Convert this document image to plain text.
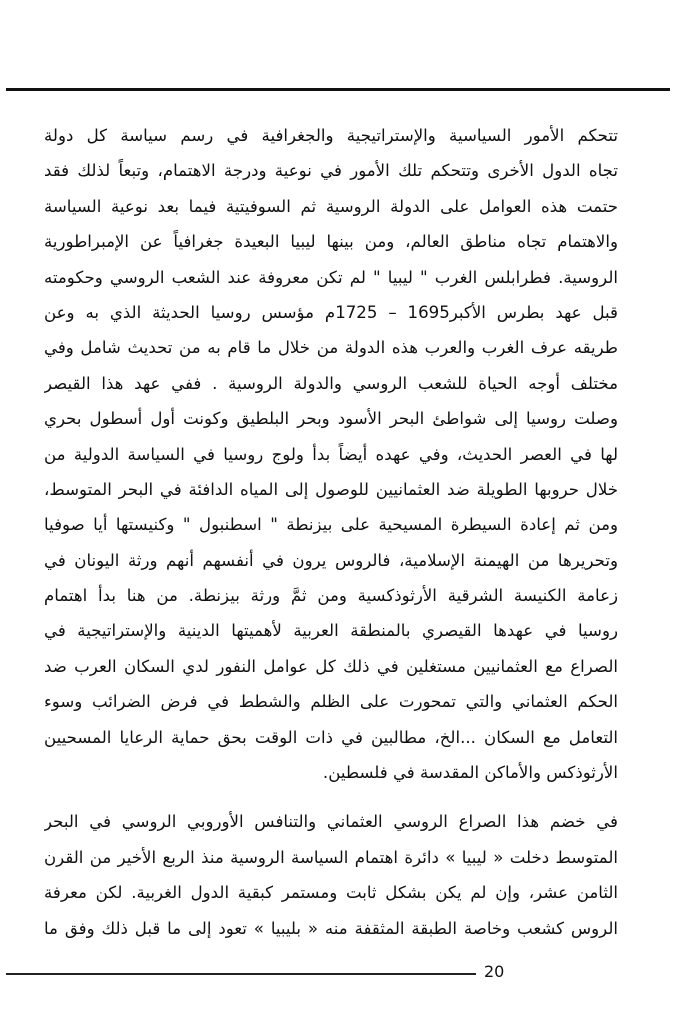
تتحكم الأمور السياسية والإستراتيجية والجغرافية في رسم سياسة كل دولة
تجاه الدول الأخرى وتتحكم تلك الأمور في نوعية ودرجة الاهتمام، وتبعاً لذلك فقد
حتمت هذه العوامل على الدولة الروسية ثم السوفيتية فيما بعد نوعية السياسة
والاهتمام تجاه مناطق العالم، ومن بينها ليبيا البعيدة جغرافياً عن الإمبراطورية
الروسية. فطرابلس الغرب " ليبيا " لم تكن معروفة عند الشعب الروسي وحكومته
قبل عهد بطرس الأكبر1695 – 1725م مؤسس روسيا الحديثة الذي به وعن
طريقه عرف الغرب والعرب هذه الدولة من خلال ما قام به من تحديث شامل وفي
مختلف أوجه الحياة للشعب الروسي والدولة الروسية . ففي عهد هذا القيصر
وصلت روسيا إلى شواطئ البحر الأسود وبحر البلطيق وكونت أول أسطول بحري
لها في العصر الحديث، وفي عهده أيضاً بدأ ولوج روسيا في السياسة الدولية من
خلال حروبها الطويلة ضد العثمانيين للوصول إلى المياه الدافئة في البحر المتوسط،
ومن ثم إعادة السيطرة المسيحية على بيزنطة " اسطنبول " وكنيستها أيا صوفيا
وتحريرها من الهيمنة الإسلامية، فالروس يرون في أنفسهم أنهم ورثة اليونان في
زعامة الكنيسة الشرقية الأرثوذكسية ومن ثمَّ ورثة بيزنطة. من هنا بدأ اهتمام
روسيا في عهدها القيصري بالمنطقة العربية لأهميتها الدينية والإستراتيجية في
الصراع مع العثمانيين مستغلين في ذلك كل عوامل النفور لدي السكان العرب ضد
الحكم العثماني والتي تمحورت على الظلم والشطط في فرض الضرائب وسوء
التعامل مع السكان ...الخ، مطالبين في ذات الوقت بحق حماية الرعايا المسحيين
الأرثوذكس والأماكن المقدسة في فلسطين.
في خضم هذا الصراع الروسي العثماني والتنافس الأوروبي الروسي في البحر
المتوسط دخلت « ليبيا » دائرة اهتمام السياسة الروسية منذ الربع الأخير من القرن
الثامن عشر، وإن لم يكن بشكل ثابت ومستمر كبقية الدول الغربية. لكن معرفة
الروس كشعب وخاصة الطبقة المثقفة منه « بليبيا » تعود إلى ما قبل ذلك وفق ما
20
